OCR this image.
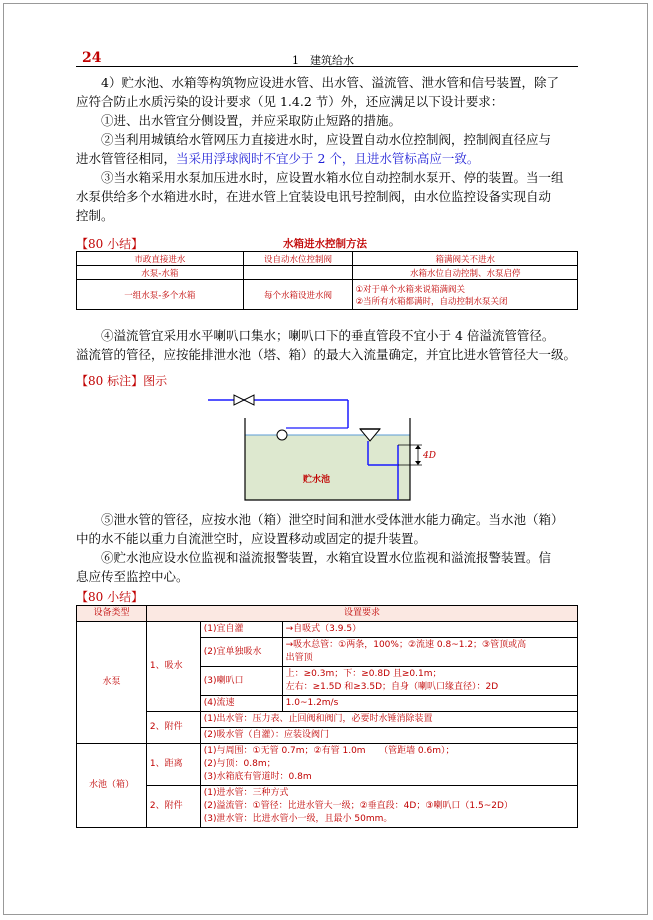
24	1　建筑给水
4）贮水池、水箱等构筑物应设进水管、出水管、溢流管、泄水管和信号装置，除了
应符合防止水质污染的设计要求（见 1.4.2 节）外，还应满足以下设计要求：
①进、出水管宜分侧设置，并应采取防止短路的措施。
②当利用城镇给水管网压力直接进水时，应设置自动水位控制阀，控制阀直径应与
进水管管径相同，当采用浮球阀时不宜少于 2 个，且进水管标高应一致。
③当水箱采用水泵加压进水时，应设置水箱水位自动控制水泵开、停的装置。当一组
水泵供给多个水箱进水时，在进水管上宜装设电讯号控制阀，由水位监控设备实现自动
控制。
【80 小结】	水箱进水控制方法
市政直接进水	设自动水位控制阀	箱满阀关不进水
水泵-水箱		水箱水位自动控制、水泵启停
一组水泵-多个水箱	每个水箱设进水阀	①对于单个水箱来说箱满阀关
②当所有水箱都满时，自动控制水泵关闭
④溢流管宜采用水平喇叭口集水；喇叭口下的垂直管段不宜小于 4 倍溢流管管径。
溢流管的管径，应按能排泄水池（塔、箱）的最大入流量确定，并宜比进水管管径大一级。
【80 标注】图示
4D
贮水池
⑤泄水管的管径，应按水池（箱）泄空时间和泄水受体泄水能力确定。当水池（箱）
中的水不能以重力自流泄空时，应设置移动或固定的提升装置。
⑥贮水池应设水位监视和溢流报警装置，水箱宜设置水位监视和溢流报警装置。信
息应传至监控中心。
【80 小结】
设备类型	设置要求		
水泵	1、吸水	(1)宜自灌	→自吸式（3.9.5）
		(2)宜单独吸水	→吸水总管：①两条，100%；②流速 0.8~1.2；③管顶或高
出管顶

		(3)喇叭口	上：≥0.3m；下：≥0.8D 且≥0.1m；
左右：≥1.5D 和≥3.5D；自身（喇叭口缘直径）：2D

		(4)流速	1.0~1.2m/s
	2、附件	(1)出水管：压力表、止回阀和阀门，必要时水锤消除装置	
		(2)吸水管（自灌）：应装设阀门	
水池（箱）	1、距离	(1)与周围：①无管 0.7m；②有管 1.0m　　（管距墙 0.6m）；
(2)与顶：0.8m；
(3)水箱底有管道时：0.8m	

	2、附件	(1)进水管：三种方式
(2)溢流管：①管径：比进水管大一级；②垂直段：4D；③喇叭口（1.5~2D）
(3)泄水管：比进水管小一级，且最小 50mm。	
